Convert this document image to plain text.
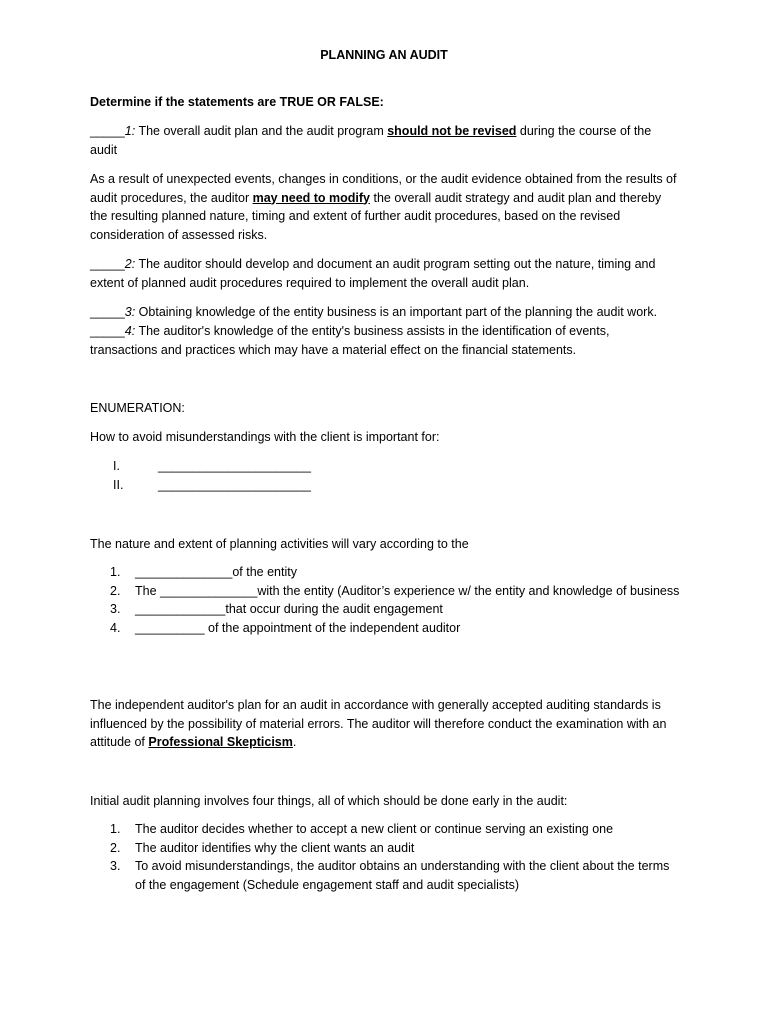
PLANNING AN AUDIT

Determine if the statements are TRUE OR FALSE:

_____1: The overall audit plan and the audit program should not be revised during the course of the audit

As a result of unexpected events, changes in conditions, or the audit evidence obtained from the results of audit procedures, the auditor may need to modify the overall audit strategy and audit plan and thereby the resulting planned nature, timing and extent of further audit procedures, based on the revised consideration of assessed risks.

_____2: The auditor should develop and document an audit program setting out the nature, timing and extent of planned audit procedures required to implement the overall audit plan.

_____3: Obtaining knowledge of the entity business is an important part of the planning the audit work.

_____4: The auditor's knowledge of the entity's business assists in the identification of events, transactions and practices which may have a material effect on the financial statements.

ENUMERATION:

How to avoid misunderstandings with the client is important for:

I.	______________________
II.	______________________

The nature and extent of planning activities will vary according to the

1. ______________of the entity
2. The ______________with the entity (Auditor’s experience w/ the entity and knowledge of business
3. _____________that occur during the audit engagement
4. __________ of the appointment of the independent auditor

The independent auditor's plan for an audit in accordance with generally accepted auditing standards is influenced by the possibility of material errors. The auditor will therefore conduct the examination with an attitude of Professional Skepticism.

Initial audit planning involves four things, all of which should be done early in the audit:

1. The auditor decides whether to accept a new client or continue serving an existing one
2. The auditor identifies why the client wants an audit
3. To avoid misunderstandings, the auditor obtains an understanding with the client about the terms of the engagement (Schedule engagement staff and audit specialists)
